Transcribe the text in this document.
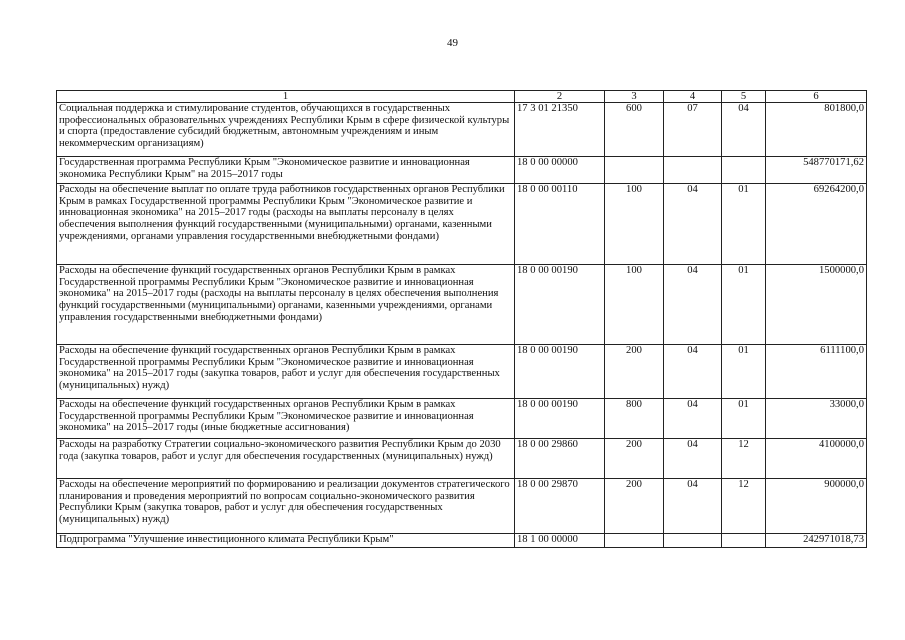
49
1	2	3	4	5	6
Социальная поддержка и стимулирование студентов, обучающихся в государственных профессиональных образовательных учреждениях Республики Крым в сфере физической культуры и спорта (предоставление субсидий бюджетным, автономным учреждениям и иным некоммерческим организациям)	17 3 01 21350	600	07	04	801800,0
Государственная программа Республики Крым "Экономическое развитие и инновационная экономика Республики Крым" на 2015–2017 годы	18 0 00 00000				548770171,62
Расходы на обеспечение выплат по оплате труда работников государственных органов Республики Крым в рамках Государственной программы Республики Крым "Экономическое развитие и инновационная экономика" на 2015–2017 годы (расходы на выплаты персоналу в целях обеспечения выполнения функций государственными (муниципальными) органами, казенными учреждениями, органами управления государственными внебюджетными фондами)	18 0 00 00110	100	04	01	69264200,0
Расходы на обеспечение функций государственных органов Республики Крым в рамках Государственной программы Республики Крым "Экономическое развитие и инновационная экономика" на 2015–2017 годы (расходы на выплаты персоналу в целях обеспечения выполнения функций государственными (муниципальными) органами, казенными учреждениями, органами управления государственными внебюджетными фондами)	18 0 00 00190	100	04	01	1500000,0
Расходы на обеспечение функций государственных органов Республики Крым в рамках Государственной программы Республики Крым "Экономическое развитие и инновационная экономика" на 2015–2017 годы (закупка товаров, работ и услуг для обеспечения государственных (муниципальных) нужд)	18 0 00 00190	200	04	01	6111100,0
Расходы на обеспечение функций государственных органов Республики Крым в рамках Государственной программы Республики Крым "Экономическое развитие и инновационная экономика" на 2015–2017 годы (иные бюджетные ассигнования)	18 0 00 00190	800	04	01	33000,0
Расходы на разработку Стратегии социально-экономического развития Республики Крым до 2030 года (закупка товаров, работ и услуг для обеспечения государственных (муниципальных) нужд)	18 0 00 29860	200	04	12	4100000,0
Расходы на обеспечение мероприятий по формированию и реализации документов стратегического планирования и проведения мероприятий по вопросам социально-экономического развития Республики Крым (закупка товаров, работ и услуг для обеспечения государственных (муниципальных) нужд)	18 0 00 29870	200	04	12	900000,0
Подпрограмма "Улучшение инвестиционного климата Республики Крым"	18 1 00 00000				242971018,73
